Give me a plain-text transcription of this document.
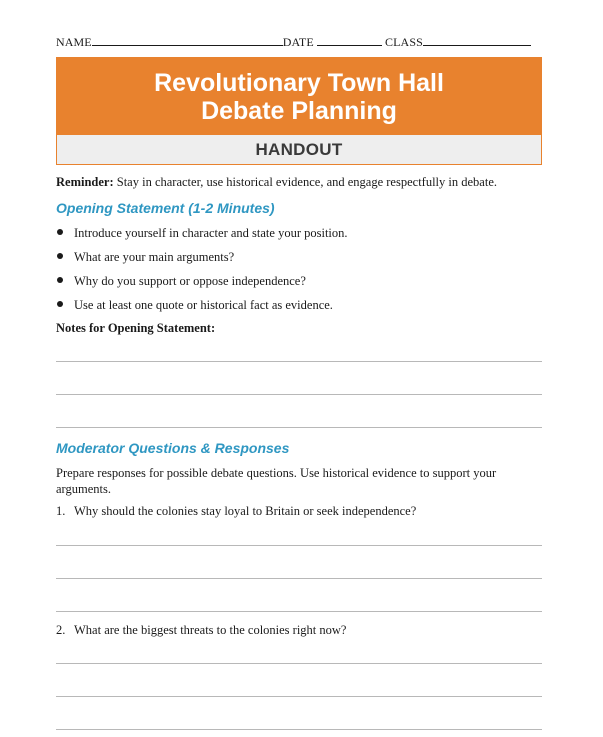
NAME	DATE	CLASS
Revolutionary Town Hall
Debate Planning
HANDOUT
Reminder: Stay in character, use historical evidence, and engage respectfully in debate.
Opening Statement (1-2 Minutes)
Introduce yourself in character and state your position.
What are your main arguments?
Why do you support or oppose independence?
Use at least one quote or historical fact as evidence.
Notes for Opening Statement:
Moderator Questions & Responses
Prepare responses for possible debate questions. Use historical evidence to support your arguments.
1. Why should the colonies stay loyal to Britain or seek independence?
2. What are the biggest threats to the colonies right now?
